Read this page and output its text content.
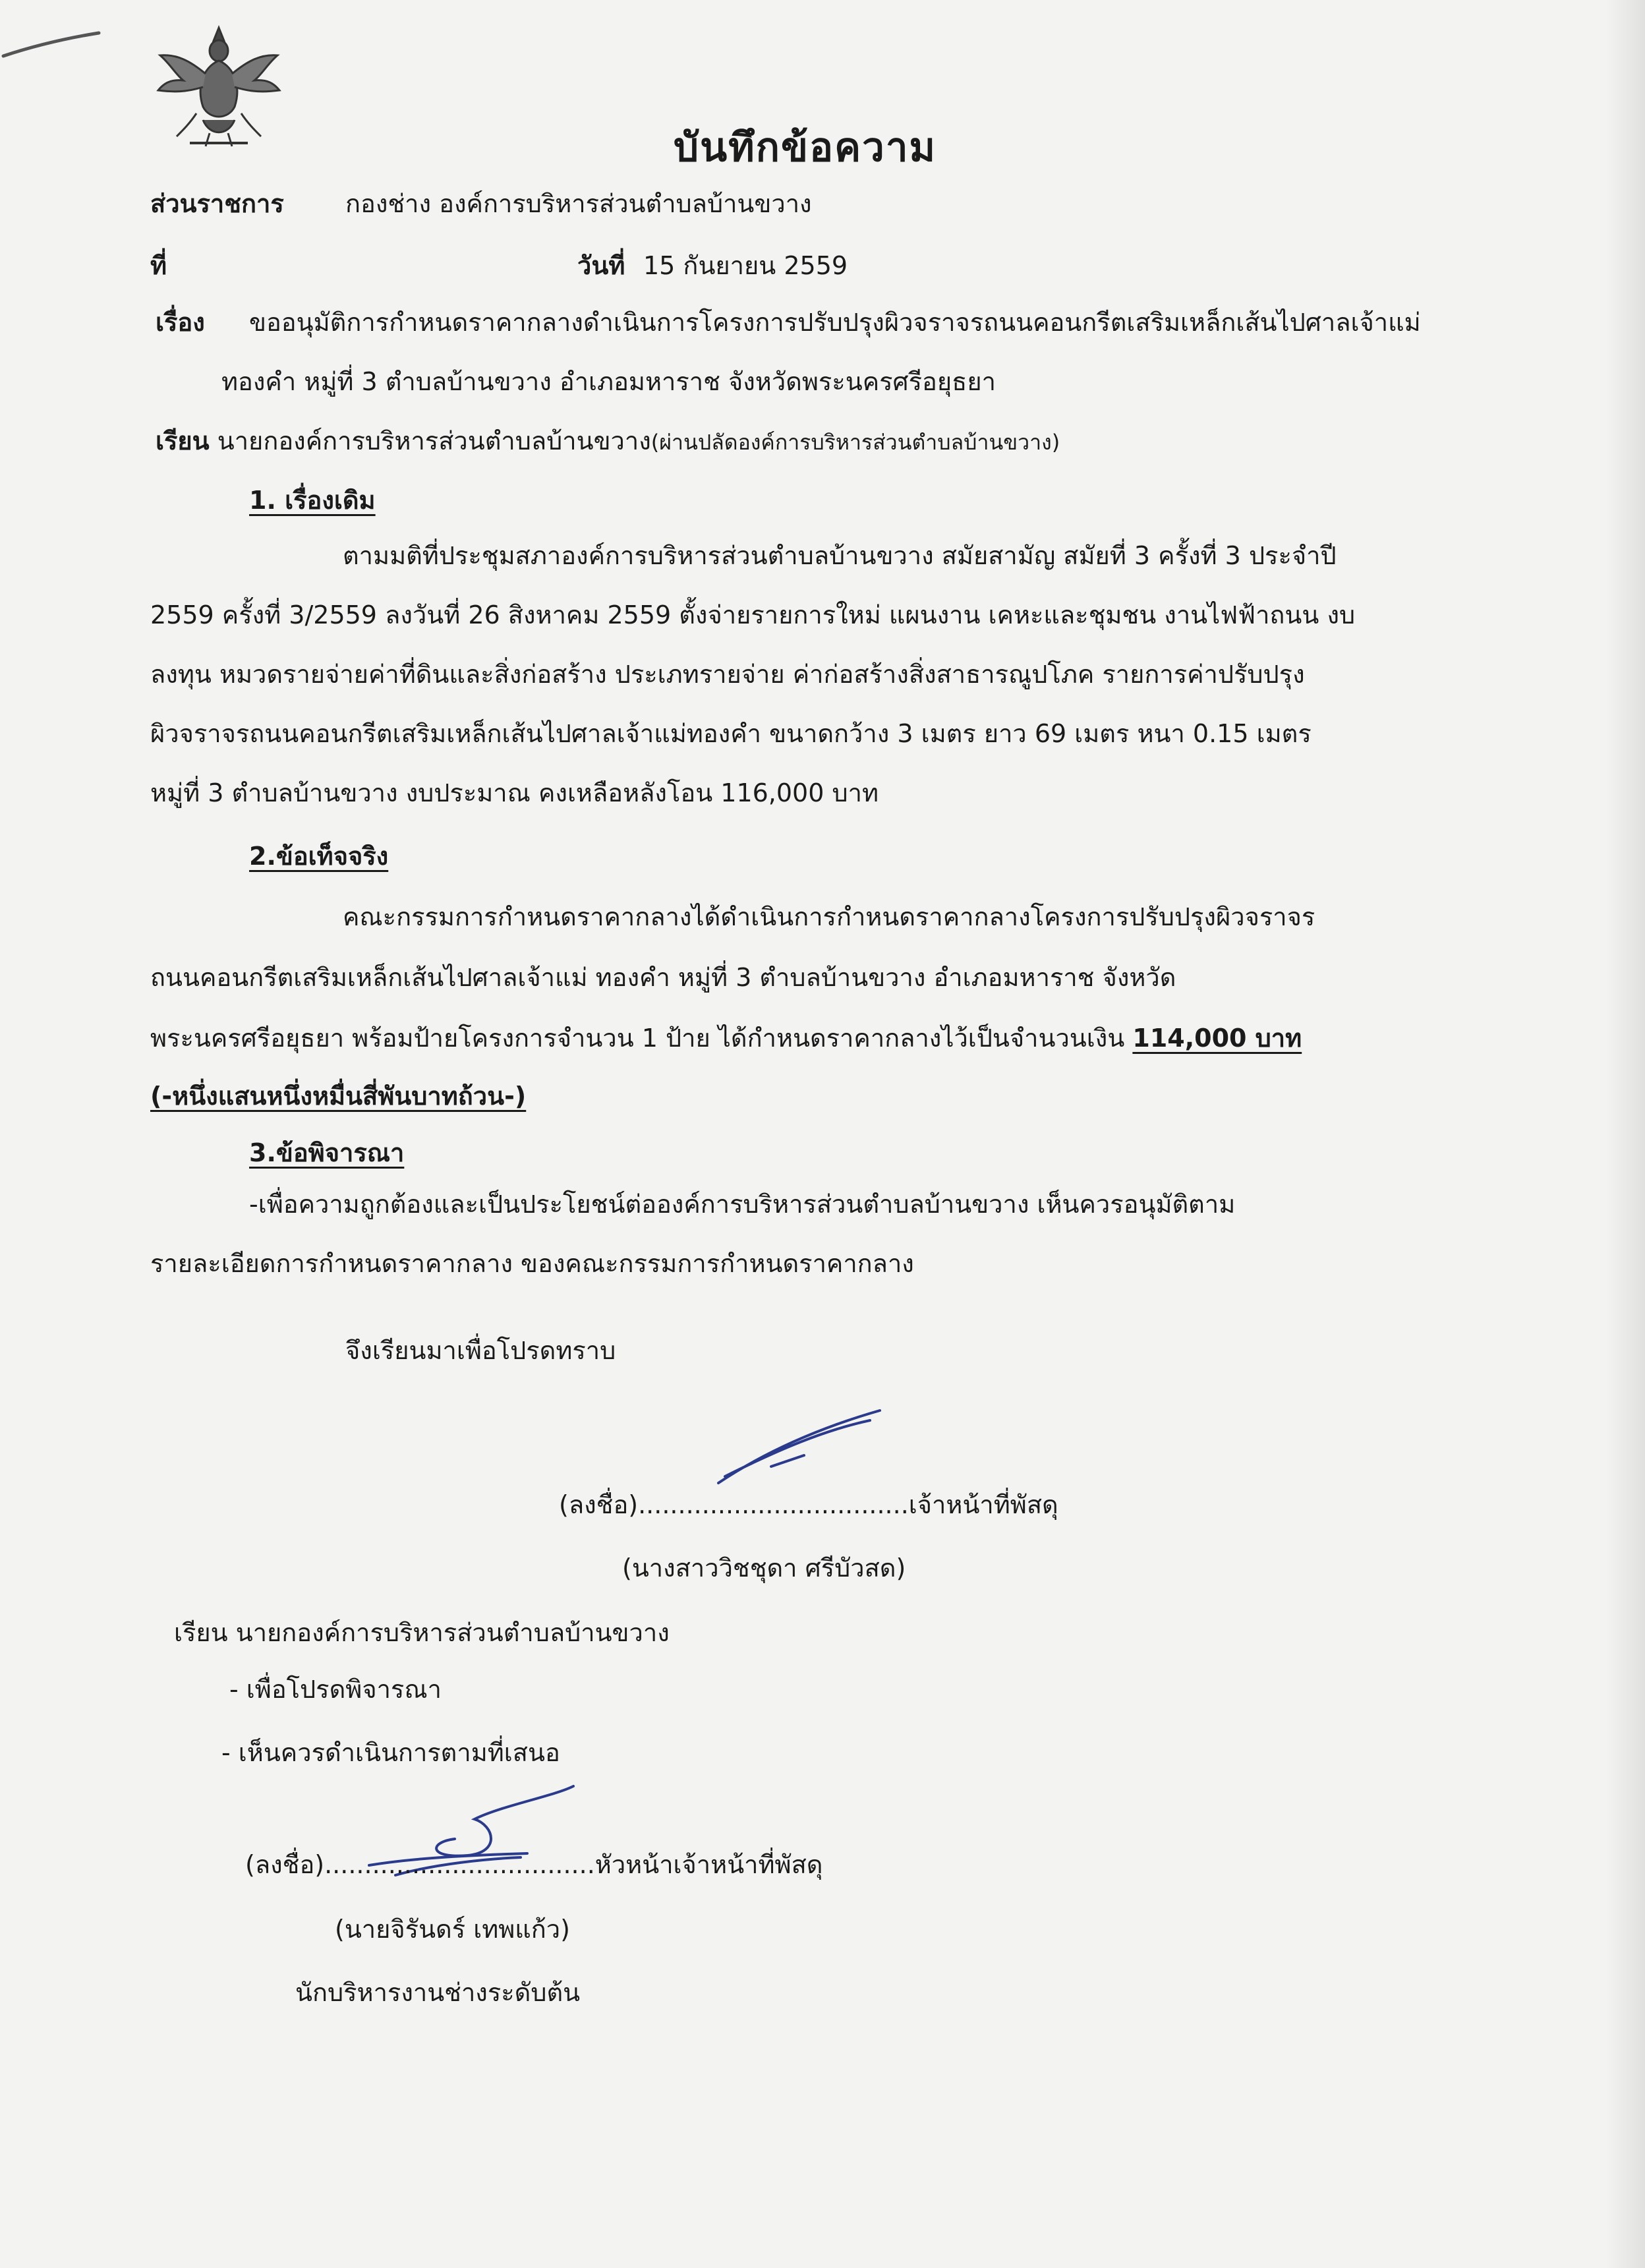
บันทึกข้อความ
ส่วนราชการ กองช่าง องค์การบริหารส่วนตำบลบ้านขวาง
ที่	วันที่ 15 กันยายน 2559
เรื่อง ขออนุมัติการกำหนดราคากลางดำเนินการโครงการปรับปรุงผิวจราจรถนนคอนกรีตเสริมเหล็กเส้นไปศาลเจ้าแม่
ทองคำ หมู่ที่ 3 ตำบลบ้านขวาง อำเภอมหาราช จังหวัดพระนครศรีอยุธยา
เรียน นายกองค์การบริหารส่วนตำบลบ้านขวาง(ผ่านปลัดองค์การบริหารส่วนตำบลบ้านขวาง)
1. เรื่องเดิม
ตามมติที่ประชุมสภาองค์การบริหารส่วนตำบลบ้านขวาง สมัยสามัญ สมัยที่ 3 ครั้งที่ 3 ประจำปี
2559 ครั้งที่ 3/2559 ลงวันที่ 26 สิงหาคม 2559 ตั้งจ่ายรายการใหม่ แผนงาน เคหะและชุมชน งานไฟฟ้าถนน งบ
ลงทุน หมวดรายจ่ายค่าที่ดินและสิ่งก่อสร้าง ประเภทรายจ่าย ค่าก่อสร้างสิ่งสาธารณูปโภค รายการค่าปรับปรุง
ผิวจราจรถนนคอนกรีตเสริมเหล็กเส้นไปศาลเจ้าแม่ทองคำ ขนาดกว้าง 3 เมตร ยาว 69 เมตร หนา 0.15 เมตร
หมู่ที่ 3 ตำบลบ้านขวาง งบประมาณ คงเหลือหลังโอน 116,000 บาท
2.ข้อเท็จจริง
คณะกรรมการกำหนดราคากลางได้ดำเนินการกำหนดราคากลางโครงการปรับปรุงผิวจราจร
ถนนคอนกรีตเสริมเหล็กเส้นไปศาลเจ้าแม่ ทองคำ หมู่ที่ 3 ตำบลบ้านขวาง อำเภอมหาราช จังหวัด
พระนครศรีอยุธยา พร้อมป้ายโครงการจำนวน 1 ป้าย ได้กำหนดราคากลางไว้เป็นจำนวนเงิน 114,000 บาท
(-หนึ่งแสนหนึ่งหมื่นสี่พันบาทถ้วน-)
3.ข้อพิจารณา
-เพื่อความถูกต้องและเป็นประโยชน์ต่อองค์การบริหารส่วนตำบลบ้านขวาง เห็นควรอนุมัติตาม
รายละเอียดการกำหนดราคากลาง ของคณะกรรมการกำหนดราคากลาง
จึงเรียนมาเพื่อโปรดทราบ
(ลงชื่อ)..................................เจ้าหน้าที่พัสดุ
(นางสาววิชชุดา ศรีบัวสด)
เรียน นายกองค์การบริหารส่วนตำบลบ้านขวาง
- เพื่อโปรดพิจารณา
- เห็นควรดำเนินการตามที่เสนอ
(ลงชื่อ)..................................หัวหน้าเจ้าหน้าที่พัสดุ
(นายจิรันดร์ เทพแก้ว)
นักบริหารงานช่างระดับต้น
